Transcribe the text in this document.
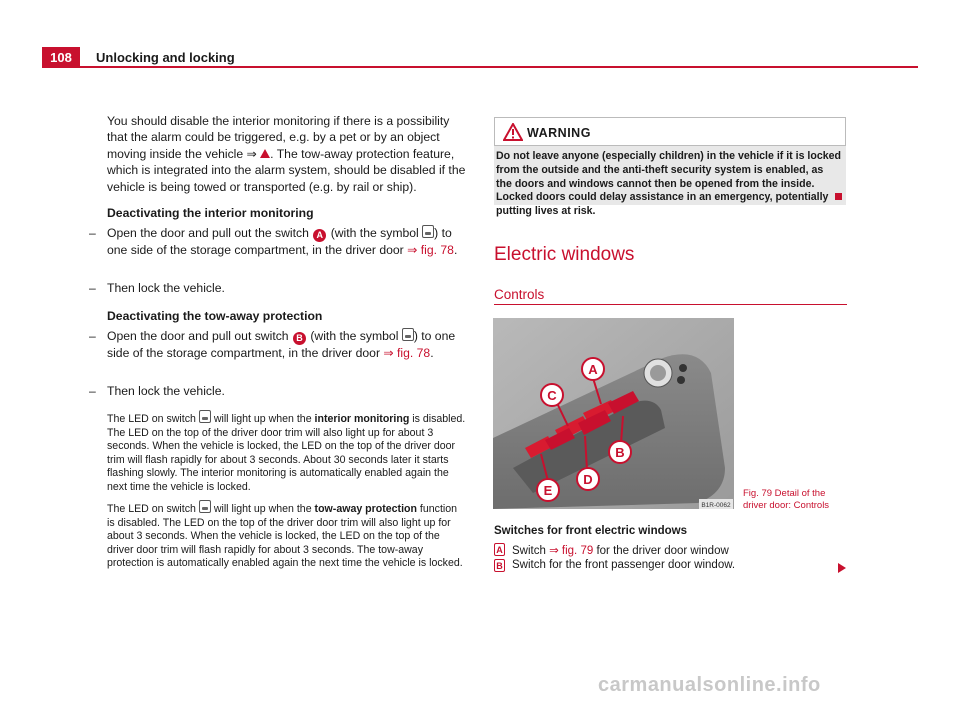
108	Unlocking and locking
You should disable the interior monitoring if there is a possibility that the alarm could be triggered, e.g. by a pet or by an object moving inside the vehicle ⇒ . The tow-away protection feature, which is integrated into the alarm system, should be disabled if the vehicle is being towed or transported (e.g. by rail or ship).
Deactivating the interior monitoring
– Open the door and pull out the switch A (with the symbol ) to one side of the storage compartment, in the driver door ⇒ fig. 78.
– Then lock the vehicle.
Deactivating the tow-away protection
– Open the door and pull out switch B (with the symbol ) to one side of the storage compartment, in the driver door ⇒ fig. 78.
– Then lock the vehicle.
The LED on switch will light up when the interior monitoring is disabled. The LED on the top of the driver door trim will also light up for about 3 seconds. When the vehicle is locked, the LED on the top of the driver door trim will flash rapidly for about 3 seconds. About 30 seconds later it starts flashing slowly. The interior monitoring is automatically enabled again the next time the vehicle is locked.
The LED on switch will light up when the tow-away protection function is disabled. The LED on the top of the driver door trim will also light up for about 3 seconds. When the vehicle is locked, the LED on the top of the driver door trim will flash rapidly for about 3 seconds. The tow-away protection is automatically enabled again the next time the vehicle is locked.
WARNING
Do not leave anyone (especially children) in the vehicle if it is locked from the outside and the anti-theft security system is enabled, as the doors and windows cannot then be opened from the inside. Locked doors could delay assistance in an emergency, potentially putting lives at risk.
Electric windows
Controls
A
B
C
D
E
B1R-0062
Fig. 79 Detail of the driver door: Controls
Switches for front electric windows
A Switch ⇒ fig. 79 for the driver door window
B Switch for the front passenger door window.
carmanualsonline.info
